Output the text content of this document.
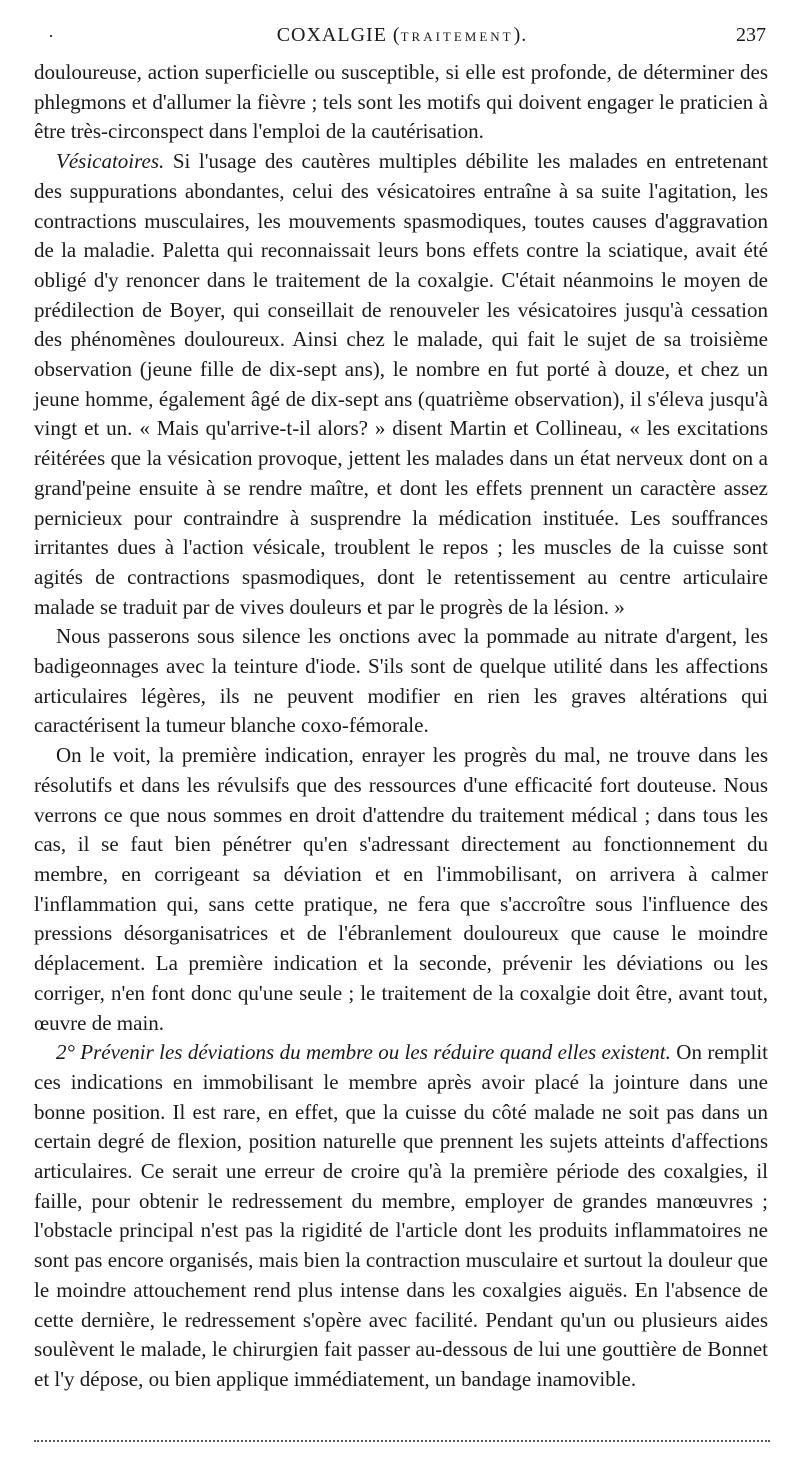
·	COXALGIE (TRAITEMENT).	237

douloureuse, action superficielle ou susceptible, si elle est profonde, de déterminer des phlegmons et d'allumer la fièvre ; tels sont les motifs qui doivent engager le praticien à être très-circonspect dans l'emploi de la cautérisation.

Vésicatoires. Si l'usage des cautères multiples débilite les malades en entretenant des suppurations abondantes, celui des vésicatoires entraîne à sa suite l'agitation, les contractions musculaires, les mouvements spasmodiques, toutes causes d'aggravation de la maladie. Paletta qui reconnaissait leurs bons effets contre la sciatique, avait été obligé d'y renoncer dans le traitement de la coxalgie. C'était néanmoins le moyen de prédilection de Boyer, qui conseillait de renouveler les vésicatoires jusqu'à cessation des phénomènes douloureux. Ainsi chez le malade, qui fait le sujet de sa troisième observation (jeune fille de dix-sept ans), le nombre en fut porté à douze, et chez un jeune homme, également âgé de dix-sept ans (quatrième observation), il s'éleva jusqu'à vingt et un. « Mais qu'arrive-t-il alors? » disent Martin et Collineau, « les excitations réitérées que la vésication provoque, jettent les malades dans un état nerveux dont on a grand'peine ensuite à se rendre maître, et dont les effets prennent un caractère assez pernicieux pour contraindre à susprendre la médication instituée. Les souffrances irritantes dues à l'action vésicale, troublent le repos ; les muscles de la cuisse sont agités de contractions spasmodiques, dont le retentissement au centre articulaire malade se traduit par de vives douleurs et par le progrès de la lésion. »

Nous passerons sous silence les onctions avec la pommade au nitrate d'argent, les badigeonnages avec la teinture d'iode. S'ils sont de quelque utilité dans les affections articulaires légères, ils ne peuvent modifier en rien les graves altérations qui caractérisent la tumeur blanche coxo-fémorale.

On le voit, la première indication, enrayer les progrès du mal, ne trouve dans les résolutifs et dans les révulsifs que des ressources d'une efficacité fort douteuse. Nous verrons ce que nous sommes en droit d'attendre du traitement médical ; dans tous les cas, il se faut bien pénétrer qu'en s'adressant directement au fonctionnement du membre, en corrigeant sa déviation et en l'immobilisant, on arrivera à calmer l'inflammation qui, sans cette pratique, ne fera que s'accroître sous l'influence des pressions désorganisatrices et de l'ébranlement douloureux que cause le moindre déplacement. La première indication et la seconde, prévenir les déviations ou les corriger, n'en font donc qu'une seule ; le traitement de la coxalgie doit être, avant tout, œuvre de main.

2° Prévenir les déviations du membre ou les réduire quand elles existent. On remplit ces indications en immobilisant le membre après avoir placé la jointure dans une bonne position. Il est rare, en effet, que la cuisse du côté malade ne soit pas dans un certain degré de flexion, position naturelle que prennent les sujets atteints d'affections articulaires. Ce serait une erreur de croire qu'à la première période des coxalgies, il faille, pour obtenir le redressement du membre, employer de grandes manœuvres ; l'obstacle principal n'est pas la rigidité de l'article dont les produits inflammatoires ne sont pas encore organisés, mais bien la contraction musculaire et surtout la douleur que le moindre attouchement rend plus intense dans les coxalgies aiguës. En l'absence de cette dernière, le redressement s'opère avec facilité. Pendant qu'un ou plusieurs aides soulèvent le malade, le chirurgien fait passer au-dessous de lui une gouttière de Bonnet et l'y dépose, ou bien applique immédiatement, un bandage inamovible.
